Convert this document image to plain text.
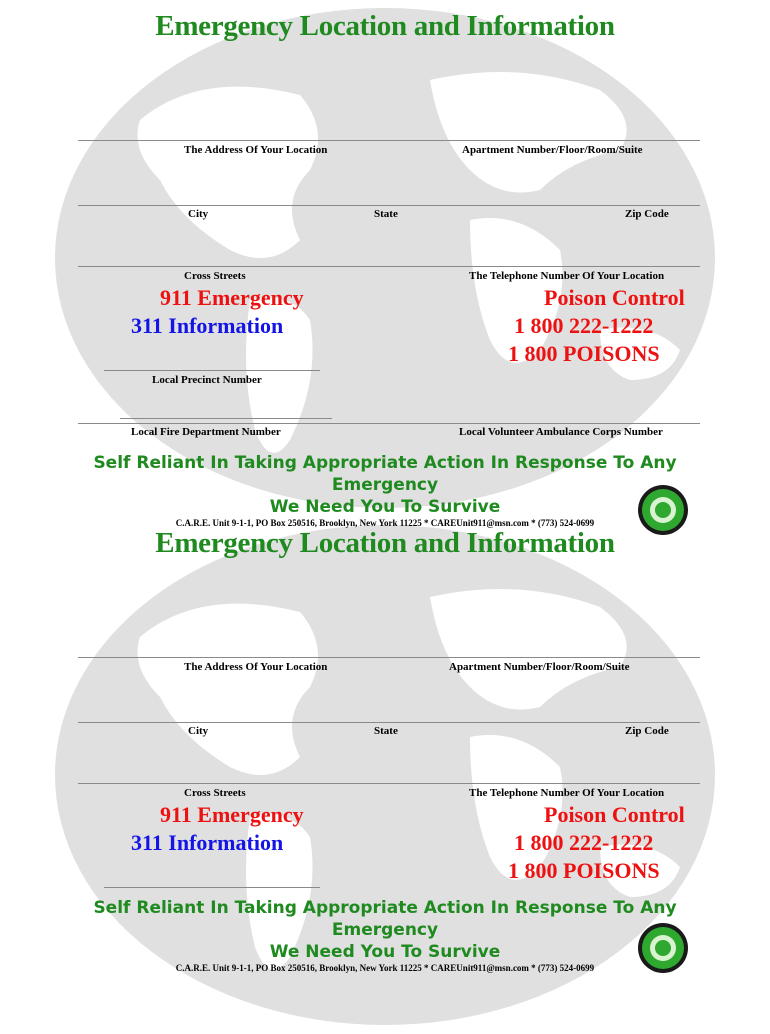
Emergency Location and Information
The Address Of Your Location	Apartment Number/Floor/Room/Suite
City	State	Zip Code
Cross Streets	The Telephone Number Of Your Location
911 Emergency
311 Information
Poison Control
1 800 222-1222
1 800 POISONS
Local Precinct Number
Local Fire Department Number	Local Volunteer Ambulance Corps Number
Self Reliant In Taking Appropriate Action In Response To Any
Emergency
We Need You To Survive
C.A.R.E. Unit 9-1-1, PO Box 250516, Brooklyn, New York 11225 * CAREUnit911@msn.com * (773) 524-0699
Emergency Location and Information
The Address Of Your Location	Apartment Number/Floor/Room/Suite
City	State	Zip Code
Cross Streets	The Telephone Number Of Your Location
911 Emergency
311 Information
Poison Control
1 800 222-1222
1 800 POISONS
Self Reliant In Taking Appropriate Action In Response To Any
Emergency
We Need You To Survive
C.A.R.E. Unit 9-1-1, PO Box 250516, Brooklyn, New York 11225 * CAREUnit911@msn.com * (773) 524-0699
